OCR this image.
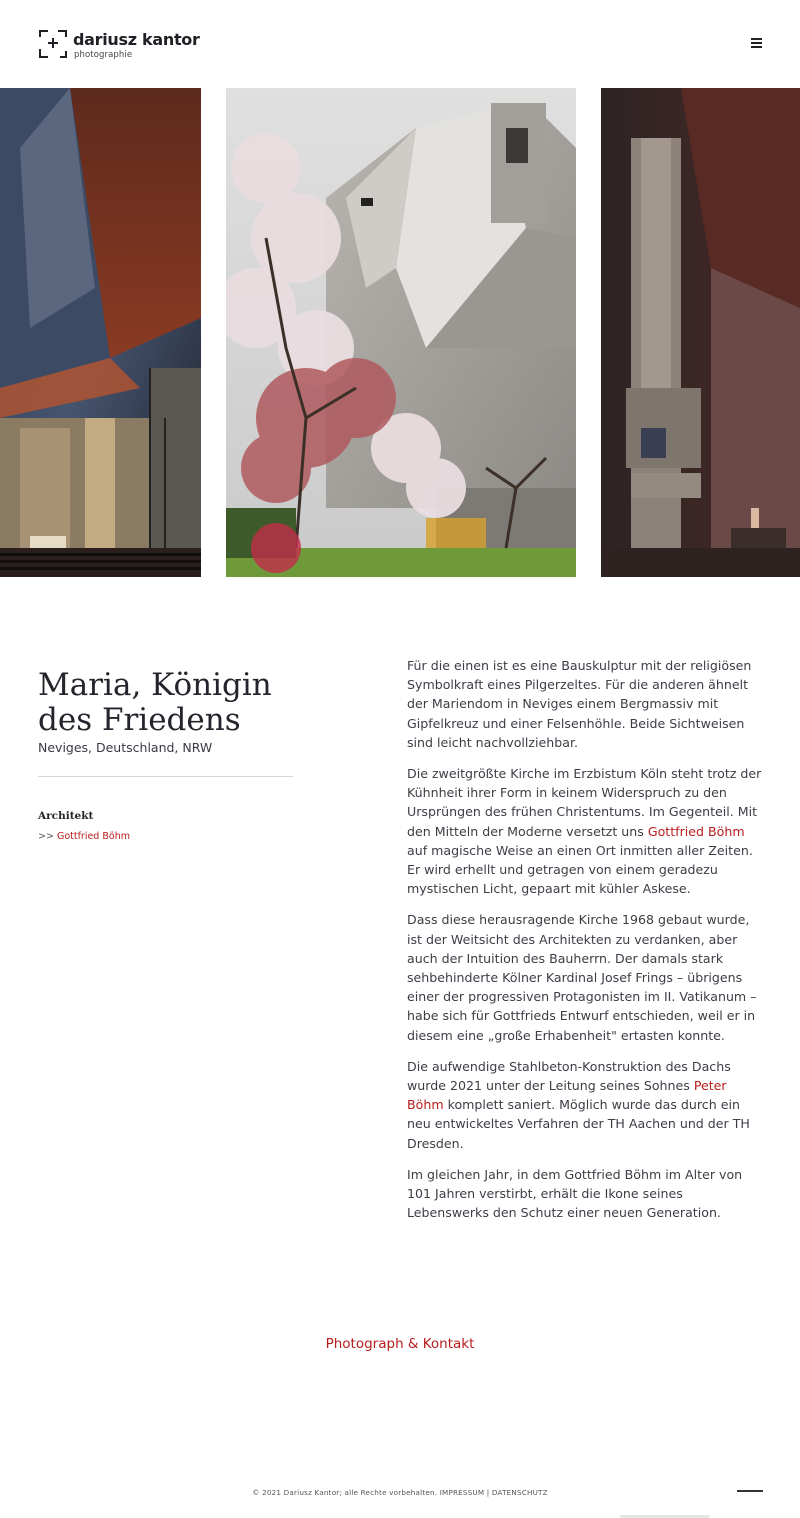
dariusz kantor
photographie
Maria, Königin
des Friedens
Neviges, Deutschland, NRW
Architekt
>> Gottfried Böhm

Für die einen ist es eine Bauskulptur mit der religiösen Symbolkraft eines Pilgerzeltes. Für die anderen ähnelt der Mariendom in Neviges einem Bergmassiv mit Gipfelkreuz und einer Felsenhöhle. Beide Sichtweisen sind leicht nachvollziehbar.

Die zweitgrößte Kirche im Erzbistum Köln steht trotz der Kühnheit ihrer Form in keinem Widerspruch zu den Ursprüngen des frühen Christentums. Im Gegenteil. Mit den Mitteln der Moderne versetzt uns Gottfried Böhm auf magische Weise an einen Ort inmitten aller Zeiten. Er wird erhellt und getragen von einem geradezu mystischen Licht, gepaart mit kühler Askese.

Dass diese herausragende Kirche 1968 gebaut wurde, ist der Weitsicht des Architekten zu verdanken, aber auch der Intuition des Bauherrn. Der damals stark sehbehinderte Kölner Kardinal Josef Frings – übrigens einer der progressiven Protagonisten im II. Vatikanum – habe sich für Gottfrieds Entwurf entschieden, weil er in diesem eine „große Erhabenheit" ertasten konnte.

Die aufwendige Stahlbeton-Konstruktion des Dachs wurde 2021 unter der Leitung seines Sohnes Peter Böhm komplett saniert. Möglich wurde das durch ein neu entwickeltes Verfahren der TH Aachen und der TH Dresden.

Im gleichen Jahr, in dem Gottfried Böhm im Alter von 101 Jahren verstirbt, erhält die Ikone seines Lebenswerks den Schutz einer neuen Generation.

Photograph & Kontakt
© 2021 Dariusz Kantor; alle Rechte vorbehalten. IMPRESSUM | DATENSCHUTZ
